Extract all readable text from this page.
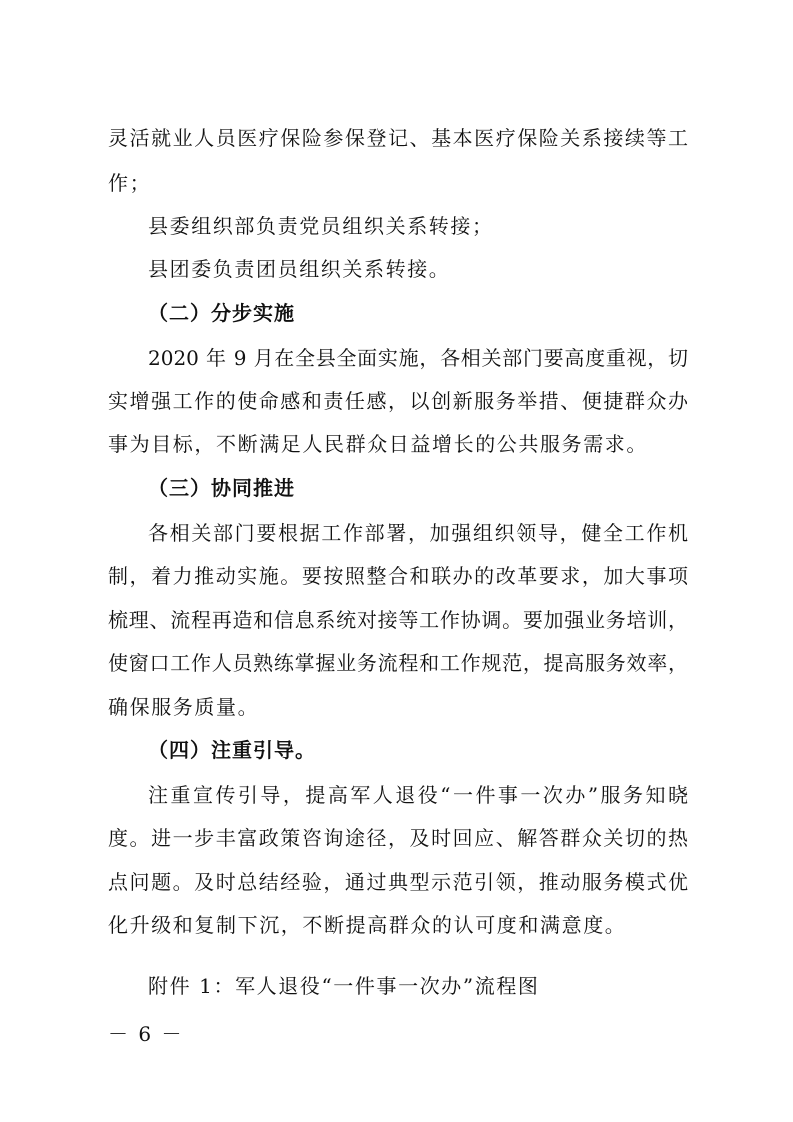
灵活就业人员医疗保险参保登记、基本医疗保险关系接续等工
作；
县委组织部负责党员组织关系转接；
县团委负责团员组织关系转接。
（二）分步实施
2020 年 9 月在全县全面实施，各相关部门要高度重视，切
实增强工作的使命感和责任感，以创新服务举措、便捷群众办
事为目标，不断满足人民群众日益增长的公共服务需求。
（三）协同推进
各相关部门要根据工作部署，加强组织领导，健全工作机
制，着力推动实施。要按照整合和联办的改革要求，加大事项
梳理、流程再造和信息系统对接等工作协调。要加强业务培训，
使窗口工作人员熟练掌握业务流程和工作规范，提高服务效率，
确保服务质量。
（四）注重引导。
注重宣传引导，提高军人退役“一件事一次办”服务知晓
度。进一步丰富政策咨询途径，及时回应、解答群众关切的热
点问题。及时总结经验，通过典型示范引领，推动服务模式优
化升级和复制下沉，不断提高群众的认可度和满意度。
附件 1：军人退役“一件事一次办”流程图
－ 6 －
